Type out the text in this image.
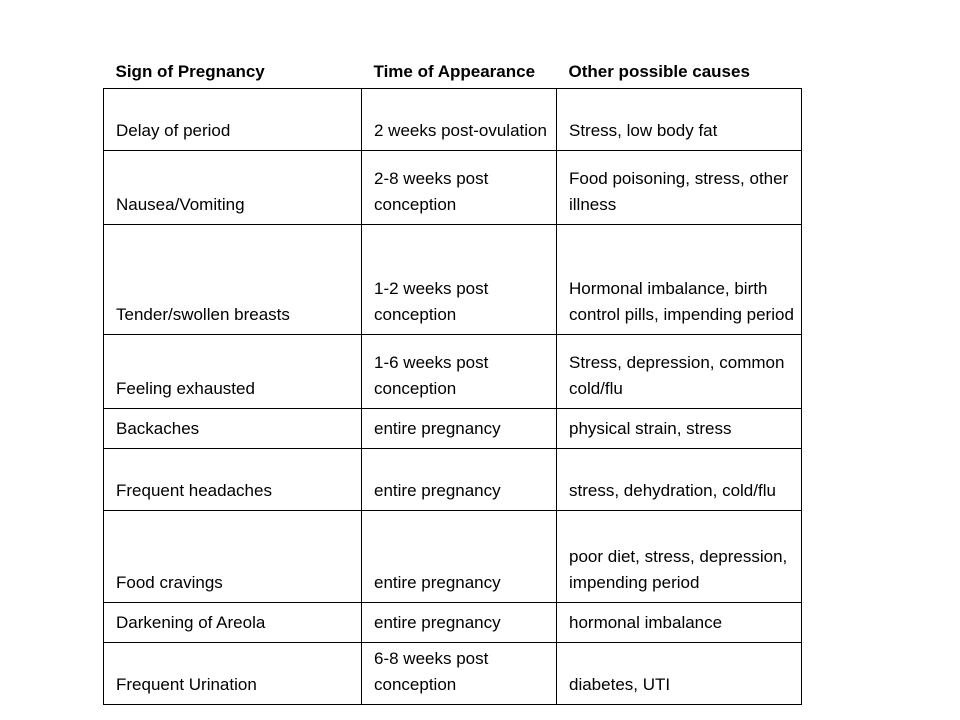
Sign of Pregnancy	Time of Appearance	Other possible causes
Delay of period	2 weeks post-ovulation	Stress, low body fat
Nausea/Vomiting	2-8 weeks post conception	Food poisoning, stress, other illness
Tender/swollen breasts	1-2 weeks post conception	Hormonal imbalance, birth control pills, impending period
Feeling exhausted	1-6 weeks post conception	Stress, depression, common cold/flu
Backaches	entire pregnancy	physical strain, stress
Frequent headaches	entire pregnancy	stress, dehydration, cold/flu
Food cravings	entire pregnancy	poor diet, stress, depression, impending period
Darkening of Areola	entire pregnancy	hormonal imbalance
Frequent Urination	6-8 weeks post conception	diabetes, UTI
